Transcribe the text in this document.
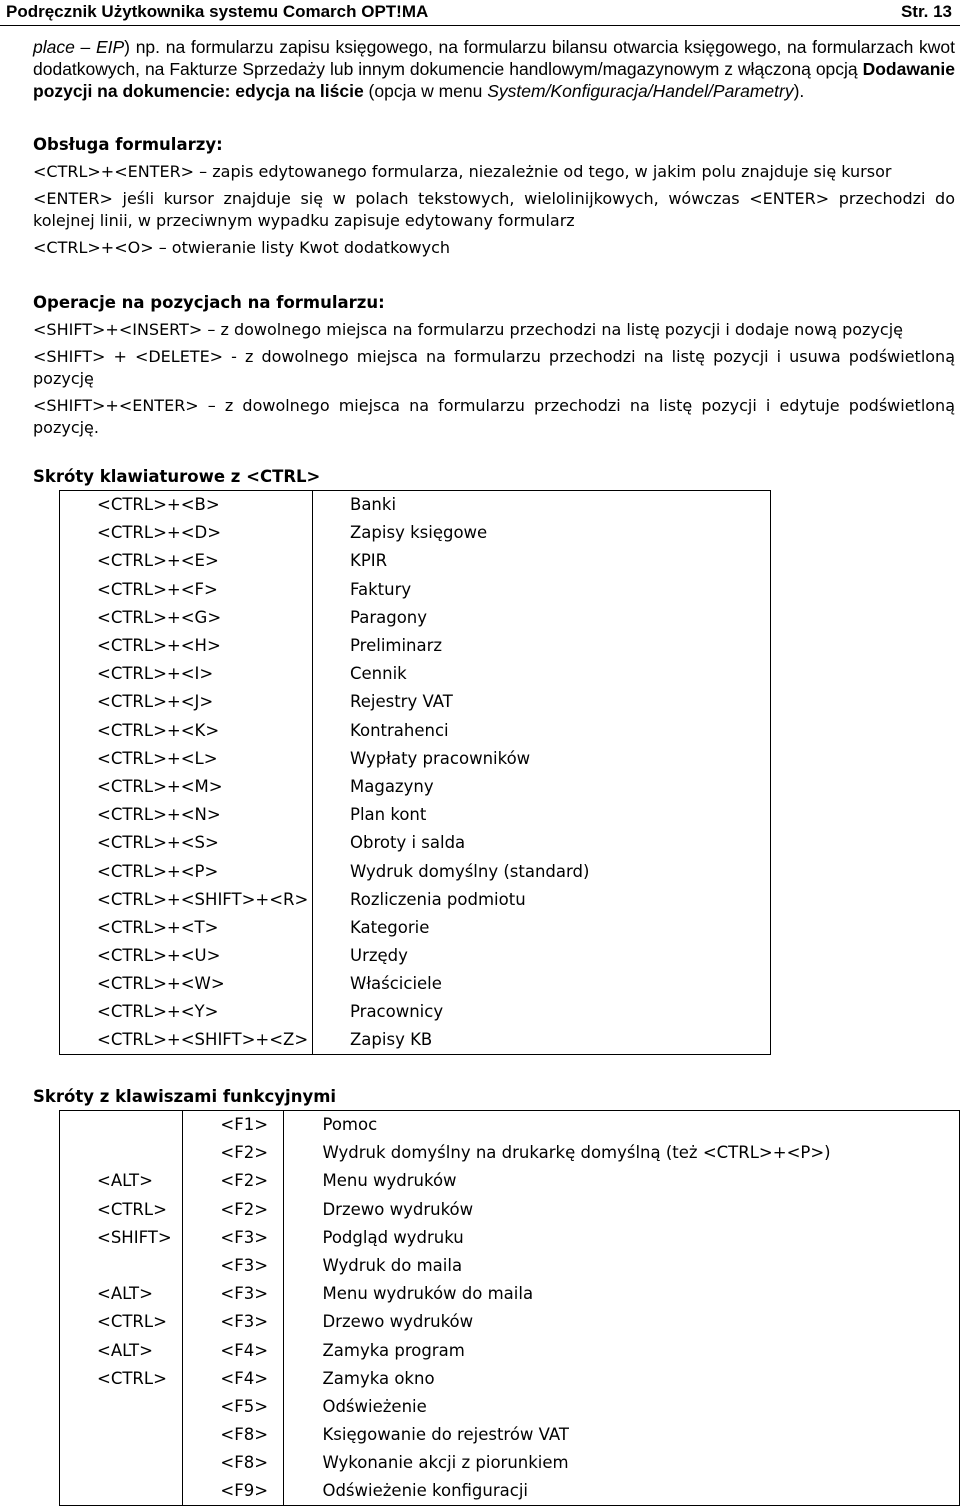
Podręcznik Użytkownika systemu Comarch OPT!MA	Str. 13
place – EIP) np. na formularzu zapisu księgowego, na formularzu bilansu otwarcia księgowego, na formularzach kwot dodatkowych, na Fakturze Sprzedaży lub innym dokumencie handlowym/magazynowym z włączoną opcją Dodawanie pozycji na dokumencie: edycja na liście (opcja w menu System/Konfiguracja/Handel/Parametry).
Obsługa formularzy:
<CTRL>+<ENTER> – zapis edytowanego formularza, niezależnie od tego, w jakim polu znajduje się kursor
<ENTER> jeśli kursor znajduje się w polach tekstowych, wielolinijkowych, wówczas <ENTER> przechodzi do kolejnej linii, w przeciwnym wypadku zapisuje edytowany formularz
<CTRL>+<O> – otwieranie listy Kwot dodatkowych
Operacje na pozycjach na formularzu:
<SHIFT>+<INSERT> – z dowolnego miejsca na formularzu przechodzi na listę pozycji i dodaje nową pozycję
<SHIFT> + <DELETE> - z dowolnego miejsca na formularzu przechodzi na listę pozycji i usuwa podświetloną pozycję
<SHIFT>+<ENTER> – z dowolnego miejsca na formularzu przechodzi na listę pozycji i edytuje podświetloną pozycję.
Skróty klawiaturowe z <CTRL>
<CTRL>+<B>	Banki
<CTRL>+<D>	Zapisy księgowe
<CTRL>+<E>	KPIR
<CTRL>+<F>	Faktury
<CTRL>+<G>	Paragony
<CTRL>+<H>	Preliminarz
<CTRL>+<I>	Cennik
<CTRL>+<J>	Rejestry VAT
<CTRL>+<K>	Kontrahenci
<CTRL>+<L>	Wypłaty pracowników
<CTRL>+<M>	Magazyny
<CTRL>+<N>	Plan kont
<CTRL>+<S>	Obroty i salda
<CTRL>+<P>	Wydruk domyślny (standard)
<CTRL>+<SHIFT>+<R>	Rozliczenia podmiotu
<CTRL>+<T>	Kategorie
<CTRL>+<U>	Urzędy
<CTRL>+<W>	Właściciele
<CTRL>+<Y>	Pracownicy
<CTRL>+<SHIFT>+<Z>	Zapisy KB
Skróty z klawiszami funkcyjnymi
	<F1>	Pomoc
	<F2>	Wydruk domyślny na drukarkę domyślną (też <CTRL>+<P>)
<ALT>	<F2>	Menu wydruków
<CTRL>	<F2>	Drzewo wydruków
<SHIFT>	<F3>	Podgląd wydruku
	<F3>	Wydruk do maila
<ALT>	<F3>	Menu wydruków do maila
<CTRL>	<F3>	Drzewo wydruków
<ALT>	<F4>	Zamyka program
<CTRL>	<F4>	Zamyka okno
	<F5>	Odświeżenie
	<F8>	Księgowanie do rejestrów VAT
	<F8>	Wykonanie akcji z piorunkiem
	<F9>	Odświeżenie konfiguracji
